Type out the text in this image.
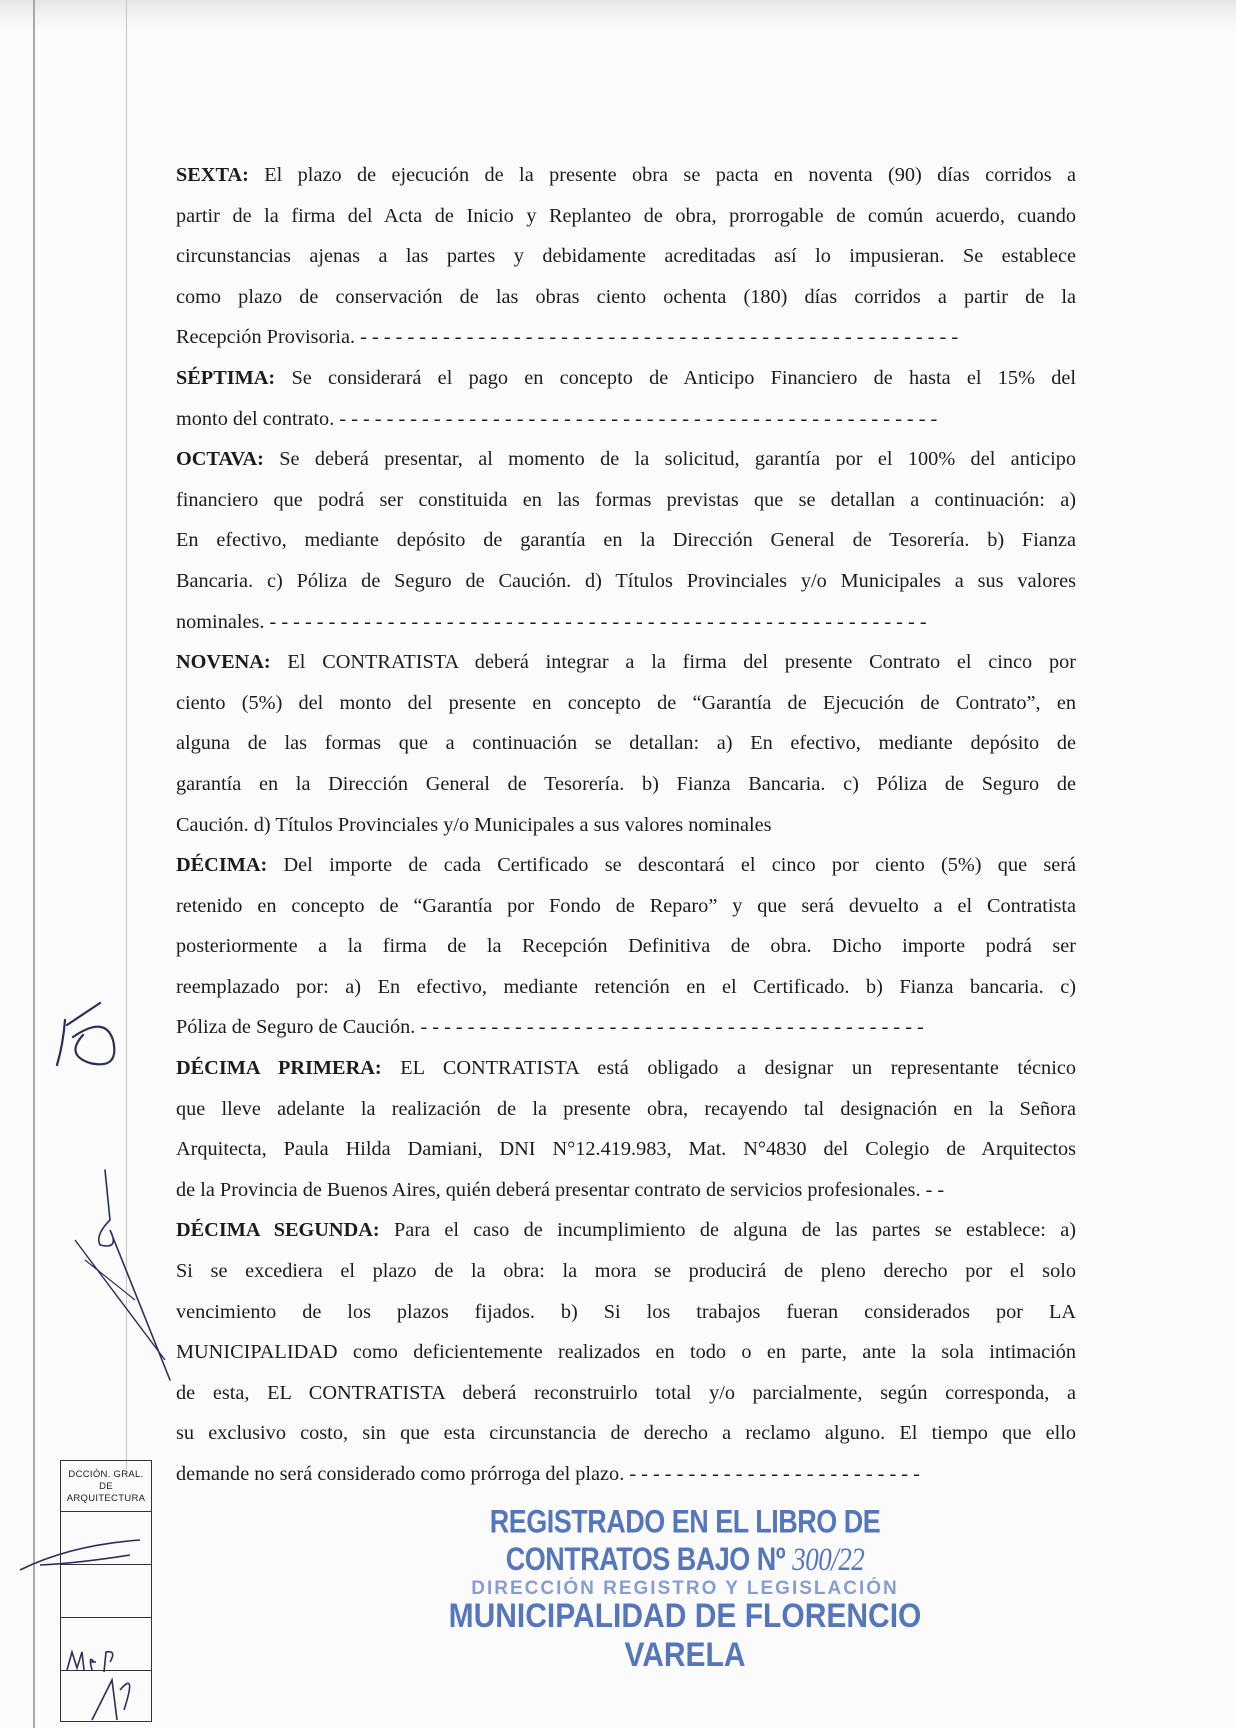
SEXTA: El plazo de ejecución de la presente obra se pacta en noventa (90) días corridos a

partir de la firma del Acta de Inicio y Replanteo de obra, prorrogable de común acuerdo, cuando

circunstancias ajenas a las partes y debidamente acreditadas así lo impusieran. Se establece

como plazo de conservación de las obras ciento ochenta (180) días corridos a partir de la

Recepción Provisoria. - - - - - - - - - - - - - - - - - - - - - - - - - - - - - - - - - - - - - - - - - - - - - - - - - - -

SÉPTIMA: Se considerará el pago en concepto de Anticipo Financiero de hasta el 15% del

monto del contrato. - - - - - - - - - - - - - - - - - - - - - - - - - - - - - - - - - - - - - - - - - - - - - - - - - - -

OCTAVA: Se deberá presentar, al momento de la solicitud, garantía por el 100% del anticipo

financiero que podrá ser constituida en las formas previstas que se detallan a continuación: a)

En efectivo, mediante depósito de garantía en la Dirección General de Tesorería. b) Fianza

Bancaria. c) Póliza de Seguro de Caución. d) Títulos Provinciales y/o Municipales a sus valores

nominales. - - - - - - - - - - - - - - - - - - - - - - - - - - - - - - - - - - - - - - - - - - - - - - - - - - - - - - - -

NOVENA: El CONTRATISTA deberá integrar a la firma del presente Contrato el cinco por

ciento (5%) del monto del presente en concepto de “Garantía de Ejecución de Contrato”, en

alguna de las formas que a continuación se detallan: a) En efectivo, mediante depósito de

garantía en la Dirección General de Tesorería. b) Fianza Bancaria. c) Póliza de Seguro de

Caución. d) Títulos Provinciales y/o Municipales a sus valores nominales

DÉCIMA: Del importe de cada Certificado se descontará el cinco por ciento (5%) que será

retenido en concepto de “Garantía por Fondo de Reparo” y que será devuelto a el Contratista

posteriormente a la firma de la Recepción Definitiva de obra. Dicho importe podrá ser

reemplazado por: a) En efectivo, mediante retención en el Certificado. b) Fianza bancaria. c)

Póliza de Seguro de Caución. - - - - - - - - - - - - - - - - - - - - - - - - - - - - - - - - - - - - - - - - - - -

DÉCIMA PRIMERA: EL CONTRATISTA está obligado a designar un representante técnico

que lleve adelante la realización de la presente obra, recayendo tal designación en la Señora

Arquitecta, Paula Hilda Damiani, DNI N°12.419.983, Mat. N°4830 del Colegio de Arquitectos

de la Provincia de Buenos Aires, quién deberá presentar contrato de servicios profesionales. - -

DÉCIMA SEGUNDA: Para el caso de incumplimiento de alguna de las partes se establece: a)

Si se excediera el plazo de la obra: la mora se producirá de pleno derecho por el solo

vencimiento de los plazos fijados. b) Si los trabajos fueran considerados por LA

MUNICIPALIDAD como deficientemente realizados en todo o en parte, ante la sola intimación

de esta, EL CONTRATISTA deberá reconstruirlo total y/o parcialmente, según corresponda, a

su exclusivo costo, sin que esta circunstancia de derecho a reclamo alguno. El tiempo que ello

demande no será considerado como prórroga del plazo. - - - - - - - - - - - - - - - - - - - - - - - - -

DCCIÓN. GRAL.
DE ARQUITECTURA
REGISTRADO EN EL LIBRO DE CONTRATOS BAJO Nº 300/22
DIRECCIÓN REGISTRO Y LEGISLACIÓN
MUNICIPALIDAD DE FLORENCIO VARELA
